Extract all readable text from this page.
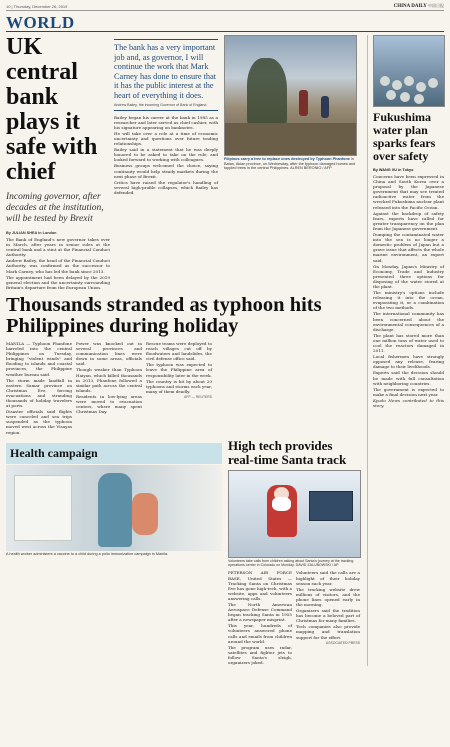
10 | Thursday, December 26, 2019	CHINA DAILY 中国日报
WORLD
UK central bank plays it safe with chief
Incoming governor, after decades at the institution, will be tested by Brexit
By JULIAN SHEA in London

The Bank of England's new governor takes over in March, after years in senior roles at the central bank and a stint at the Financial Conduct Authority.

Andrew Bailey, the head of the Financial Conduct Authority, was confirmed as the successor to Mark Carney, who has led the bank since 2013.

The appointment had been delayed by the 2019 general election and the uncertainty surrounding Britain's departure from the European Union.

The bank has a very important job and, as governor, I will continue the work that Mark Carney has done to ensure that it has the public interest at the heart of everything it does.
Andrew Bailey, the incoming Governor of Bank of England

Bailey began his career at the bank in 1985 as a researcher and later served as chief cashier, with his signature appearing on banknotes.

He will take over a role at a time of economic uncertainty and questions over future trading relationships.

Bailey said in a statement that he was deeply honored to be asked to take on the role, and looked forward to working with colleagues.

Business groups welcomed the choice, saying continuity would help steady markets during the next phase of Brexit.

Critics have raised the regulator's handling of several high-profile collapses, which Bailey has defended.

Filipinos carry a tree to replace ones destroyed by Typhoon Phanfone in Batan, Aklan province, on Wednesday, after the typhoon damaged homes and toppled trees in the central Philippines. ALREN BERONIO / AFP
Thousands stranded as typhoon hits Philippines during holiday

MANILA — Typhoon Phanfone barreled into the central Philippines on Tuesday, bringing "violent winds" and flooding to islands and coastal provinces, the Philippine weather bureau said.

The storm made landfall in eastern Samar province on Christmas Eve, forcing evacuations and stranding thousands of holiday travelers at ports.

Disaster officials said flights were canceled and sea trips suspended as the typhoon moved west across the Visayas region.

Power was knocked out in several provinces and communication lines were down in some areas, officials said.

Though weaker than Typhoon Haiyan, which killed thousands in 2013, Phanfone followed a similar path across the central islands.

Residents in low-lying areas were moved to evacuation centers, where many spent Christmas Day.

Rescue teams were deployed to reach villages cut off by floodwaters and landslides, the civil defense office said.

The typhoon was expected to leave the Philippine area of responsibility later in the week.

The country is hit by about 20 typhoons and storms each year, many of them deadly.

AFP — REUTERS
Health campaign
A health worker administers a vaccine to a child during a polio immunization campaign in Manila.
High tech provides real-time Santa track
Volunteers take calls from children asking about Santa's journey at the tracking operations center in Colorado on Monday. DAVID ZALUBOWSKI / AP

PETERSON AIR FORCE BASE, United States — Tracking Santa on Christmas Eve has gone high-tech, with a website, apps and volunteers answering calls.

The North American Aerospace Defense Command began tracking Santa in 1955 after a newspaper misprint.

This year, hundreds of volunteers answered phone calls and emails from children around the world.

The program uses radar, satellites and fighter jets to follow Santa's sleigh, organizers joked.

Volunteers said the calls are a highlight of their holiday season each year.

The tracking website drew millions of visitors, and the phone lines opened early in the morning.

Organizers said the tradition has become a beloved part of Christmas for many families.

Tech companies also provide mapping and translation support for the effort.

ASSOCIATED PRESS
Fukushima water plan sparks fears over safety
By WANG XU in Tokyo

Concerns have been expressed in China and South Korea over a proposal by the Japanese government that may see treated radioactive water from the wrecked Fukushima nuclear plant released into the Pacific Ocean.

Against the backdrop of safety fears, experts have called for greater transparency on the plan from the Japanese government.

Dumping the contaminated water into the sea is no longer a domestic problem of Japan but a grave issue that affects the whole marine environment, an expert said.

On Monday, Japan's Ministry of Economy, Trade and Industry presented three options for disposing of the water stored at the plant.

The ministry's options include releasing it into the ocean, evaporating it, or a combination of the two methods.

The international community has been concerned about the environmental consequences of a discharge.

The plant has stored more than one million tons of water used to cool the reactors damaged in 2011.

Local fishermen have strongly opposed any release, fearing damage to their livelihoods.

Experts said the decision should be made with full consultation with neighboring countries.

The government is expected to make a final decision next year.

Kyodo News contributed to this story.
